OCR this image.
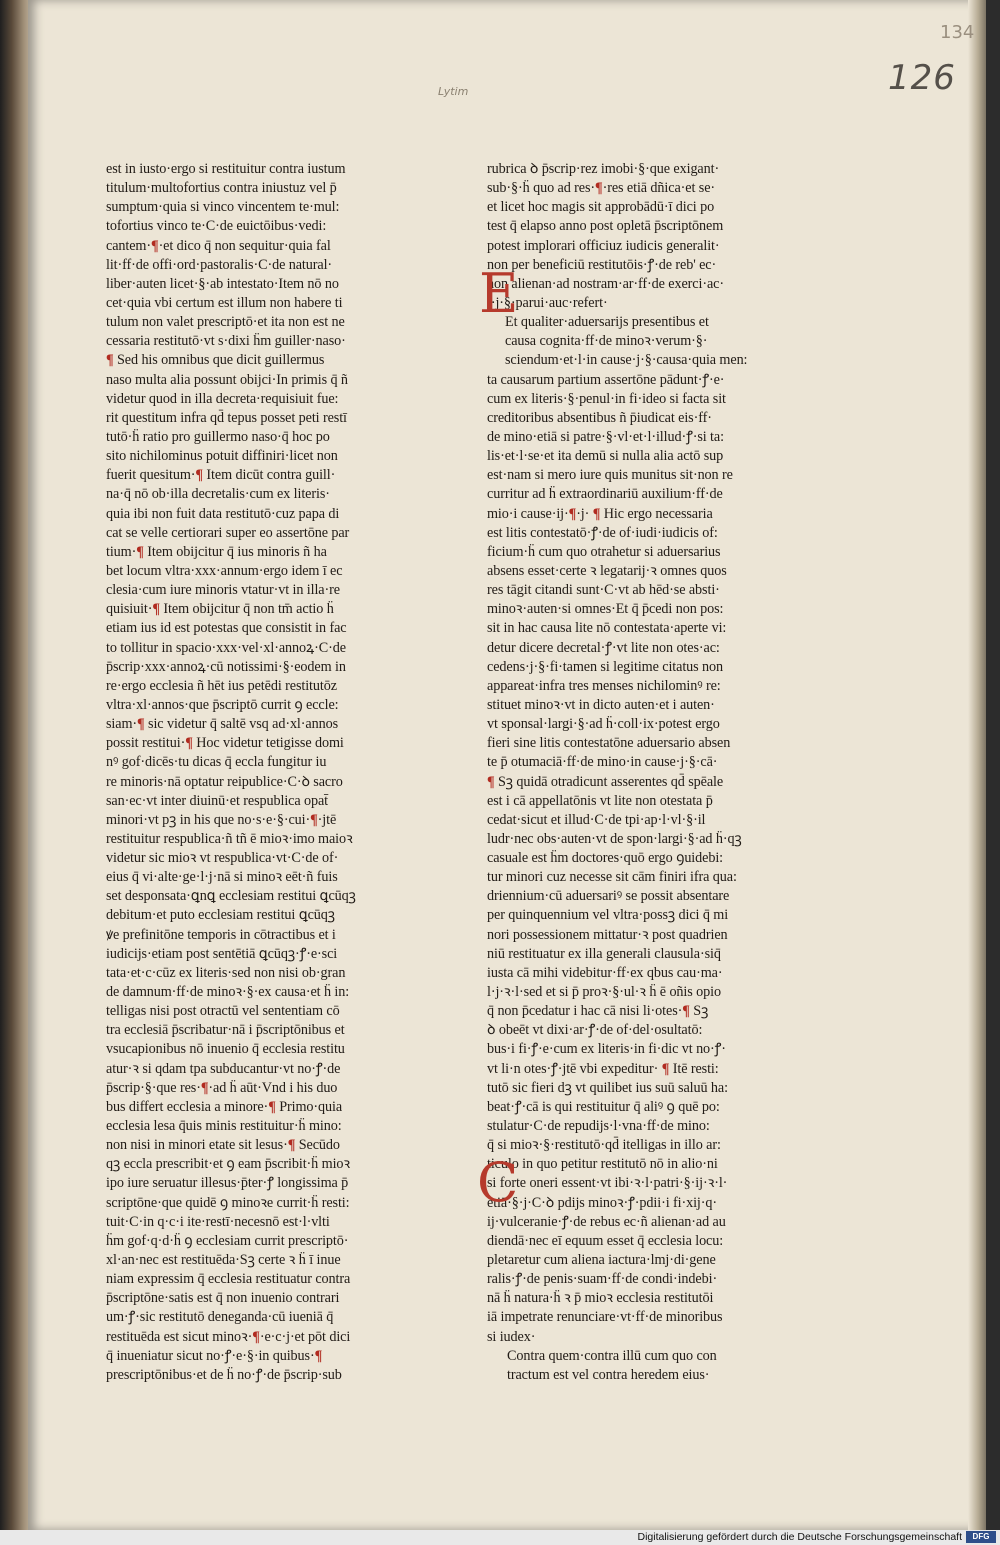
134
126
Lytim
est in iusto·ergo si restituitur contra iustum
titulum·multofortius contra iniustuz vel p̄
sumptum·quia si vinco vincentem te·mul:
tofortius vinco te·C·de euictōibus·vedi:
cantem·¶·et dico q̄ non sequitur·quia fal
lit·ff·de offi·ord·pastoralis·C·de natural·
liber·auten licet·§·ab intestato·Item nō no
cet·quia vbi certum est illum non habere ti
tulum non valet prescriptō·et ita non est ne
cessaria restitutō·vt s·dixi ḧm guiller·naso·
¶ Sed his omnibus que dicit guillermus
naso multa alia possunt obijci·In primis q̄ ñ
videtur quod in illa decreta·requisiuit fue:
rit questitum infra qd̄ tepus posset peti restī
tutō·ḧ ratio pro guillermo naso·q̄ hoc po
sito nichilominus potuit diffiniri·licet non
fuerit quesitum·¶ Item dicūt contra guill·
na·q̄ nō ob·illa decretalis·cum ex literis·
quia ibi non fuit data restitutō·cuz papa di
cat se velle certiorari super eo assertōne par
tium·¶ Item obijcitur q̄ ius minoris ñ ha
bet locum vltra·xxx·annum·ergo idem ī ec
clesia·cum iure minoris vtatur·vt in illa·re
quisiuit·¶ Item obijcitur q̄ non tm̄ actio ḧ
etiam ius id est potestas que consistit in fac
to tollitur in spacio·xxx·vel·xl·annoꝝ·C·de
p̄scrip·xxx·annoꝝ·cū notissimi·§·eodem in
re·ergo ecclesia ñ hēt ius petēdi restitutōz
vltra·xl·annos·que p̄scriptō currit ꝯ eccle:
siam·¶ sic videtur q̄ saltē vsq ad·xl·annos
possit restitui·¶ Hoc videtur tetigisse domi
nꝰ gof·dicēs·tu dicas q̄ eccla fungitur iu
re minoris·nā optatur reipublice·C·ꝺ sacro
san·ec·vt inter diuinū·et respublica opat̄
minori·vt pꝫ in his que no·s·e·§·cui·¶·jtē
restituitur respublica·ñ tñ ē mioꝛ·imo maioꝛ
videtur sic mioꝛ vt respublica·vt·C·de of·
eius q̄ vi·alte·ge·l·j·nā si minoꝛ eēt·ñ fuis
set desponsata·ꝗnꝗ ecclesiam restitui ꝗcūqꝫ
debitum·et puto ecclesiam restitui ꝗcūqꝫ
ꝟe prefinitōne temporis in cōtractibus et i
iudicijs·etiam post sentētiā ꝗcūqꝫ·ꝭ·e·sci
tata·et·c·cūz ex literis·sed non nisi ob·gran
de damnum·ff·de minoꝛ·§·ex causa·et ḧ in:
telligas nisi post otractū vel sententiam cō
tra ecclesiā p̄scribatur·nā i p̄scriptōnibus et
vsucapionibus nō inuenio q̄ ecclesia restitu
atur·ꝛ si qdam tpa subducantur·vt no·ꝭ·de
p̄scrip·§·que res·¶·ad ḧ aūt·Vnd i his duo
bus differt ecclesia a minore·¶ Primo·quia
ecclesia lesa q̄uis minis restituitur·ḧ mino:
non nisi in minori etate sit lesus·¶ Secūdo
qꝫ eccla prescribit·et ꝯ eam p̄scribit·ḧ mioꝛ
ipo iure seruatur illesus·p̄ter·ꝭ longissima p̄
scriptōne·que quidē ꝯ minoꝛe currit·ḧ resti:
tuit·C·in q·c·i ite·restī·necesnō est·l·vlti
ḧm gof·q·d·ḧ ꝯ ecclesiam currit prescriptō·
xl·an·nec est restituēda·Sꝫ certe ꝛ ḧ ī inue
niam expressim q̄ ecclesia restituatur contra
p̄scriptōne·satis est q̄ non inuenio contrari
um·ꝭ·sic restitutō deneganda·cū iueniā q̄
restituēda est sicut minoꝛ·¶·e·c·j·et pōt dici
q̄ inueniatur sicut no·ꝭ·e·§·in quibus·¶
prescriptōnibus·et de ḧ no·ꝭ·de p̄scrip·sub
rubrica ꝺ p̄scrip·rez imobi·§·que exigant·
sub·§·ḧ quo ad res·¶·res etiā dñica·et se·
et licet hoc magis sit approbādū·ī dici po
test q̄ elapso anno post opletā p̄scriptōnem
potest implorari officiuz iudicis generalit·
non per beneficiū restitutōis·ꝭ·de reb' ec·
non alienan·ad nostram·ar·ff·de exerci·ac·
l·j·§·parui·auc·refert·
Et qualiter·aduersarijs presentibus et
causa cognita·ff·de minoꝛ·verum·§·
sciendum·et·l·in cause·j·§·causa·quia men:
ta causarum partium assertōne pādunt·ꝭ·e·
cum ex literis·§·penul·in fi·ideo si facta sit
creditoribus absentibus ñ p̄iudicat eis·ff·
de mino·etiā si patre·§·vl·et·l·illud·ꝭ·si ta:
lis·et·l·se·et ita demū si nulla alia actō sup
est·nam si mero iure quis munitus sit·non re
curritur ad ḧ extraordinariū auxilium·ff·de
mio·i cause·ij·¶·j· ¶ Hic ergo necessaria
est litis contestatō·ꝭ·de of·iudi·iudicis of:
ficium·ḧ cum quo otrahetur si aduersarius
absens esset·certe ꝛ legatarij·ꝛ omnes quos
res tāgit citandi sunt·C·vt ab hēd·se absti·
minoꝛ·auten·si omnes·Et q̄ p̄cedi non pos:
sit in hac causa lite nō contestata·aperte vi:
detur dicere decretal·ꝭ·vt lite non otes·ac:
cedens·j·§·fi·tamen si legitime citatus non
appareat·infra tres menses nichilominꝰ re:
stituet minoꝛ·vt in dicto auten·et i auten·
vt sponsal·largi·§·ad ḧ·coll·ix·potest ergo
fieri sine litis contestatōne aduersario absen
te p̄ otumaciā·ff·de mino·in cause·j·§·cā·
¶ Sꝫ quidā otradicunt asserentes qd̄ spēale
est i cā appellatōnis vt lite non otestata p̄
cedat·sicut et illud·C·de tpi·ap·l·vl·§·il
ludr·nec obs·auten·vt de spon·largi·§·ad ḧ·qꝫ
casuale est ḧm doctores·quō ergo ꝯuidebi:
tur minori cuz necesse sit cām finiri ifra qua:
driennium·cū aduersariꝰ se possit absentare
per quinquennium vel vltra·possꝫ dici q̄ mi
nori possessionem mittatur·ꝛ post quadrien
niū restituatur ex illa generali clausula·siq̄
iusta cā mihi videbitur·ff·ex qbus cau·ma·
l·j·ꝛ·l·sed et si p̄ proꝛ·§·ul·ꝛ ḧ ē oñis opio
q̄ non p̄cedatur i hac cā nisi li·otes·¶ Sꝫ
ꝺ obeēt vt dixi·ar·ꝭ·de of·del·osultatō:
bus·i fi·ꝭ·e·cum ex literis·in fi·dic vt no·ꝭ·
vt li·n otes·ꝭ·jtē vbi expeditur· ¶ Itē resti:
tutō sic fieri dꝫ vt quilibet ius suū saluū ha:
beat·ꝭ·cā is qui restituitur q̄ aliꝰ ꝯ quē po:
stulatur·C·de repudijs·l·vna·ff·de mino:
q̄ si mioꝛ·§·restitutō·qd̄ itelligas in illo ar:
ticulo in quo petitur restitutō nō in alio·ni
si forte oneri essent·vt ibi·ꝛ·l·patri·§·ij·ꝛ·l·
etiā·§·j·C·ꝺ pdijs minoꝛ·ꝭ·pdii·i fi·xij·q·
ij·vulceranie·ꝭ·de rebus ec·ñ alienan·ad au
diendā·nec eī equum esset q̄ ecclesia locu:
pletaretur cum aliena iactura·lmj·di·gene
ralis·ꝭ·de penis·suam·ff·de condi·indebi·
nā ḧ natura·ḧ ꝛ p̄ mioꝛ ecclesia restitutōi
iā impetrate renunciare·vt·ff·de minoribus
si iudex·
Contra quem·contra illū cum quo con
tractum est vel contra heredem eius·
E
C
Digitalisierung gefördert durch die Deutsche Forschungsgemeinschaft	DFG
